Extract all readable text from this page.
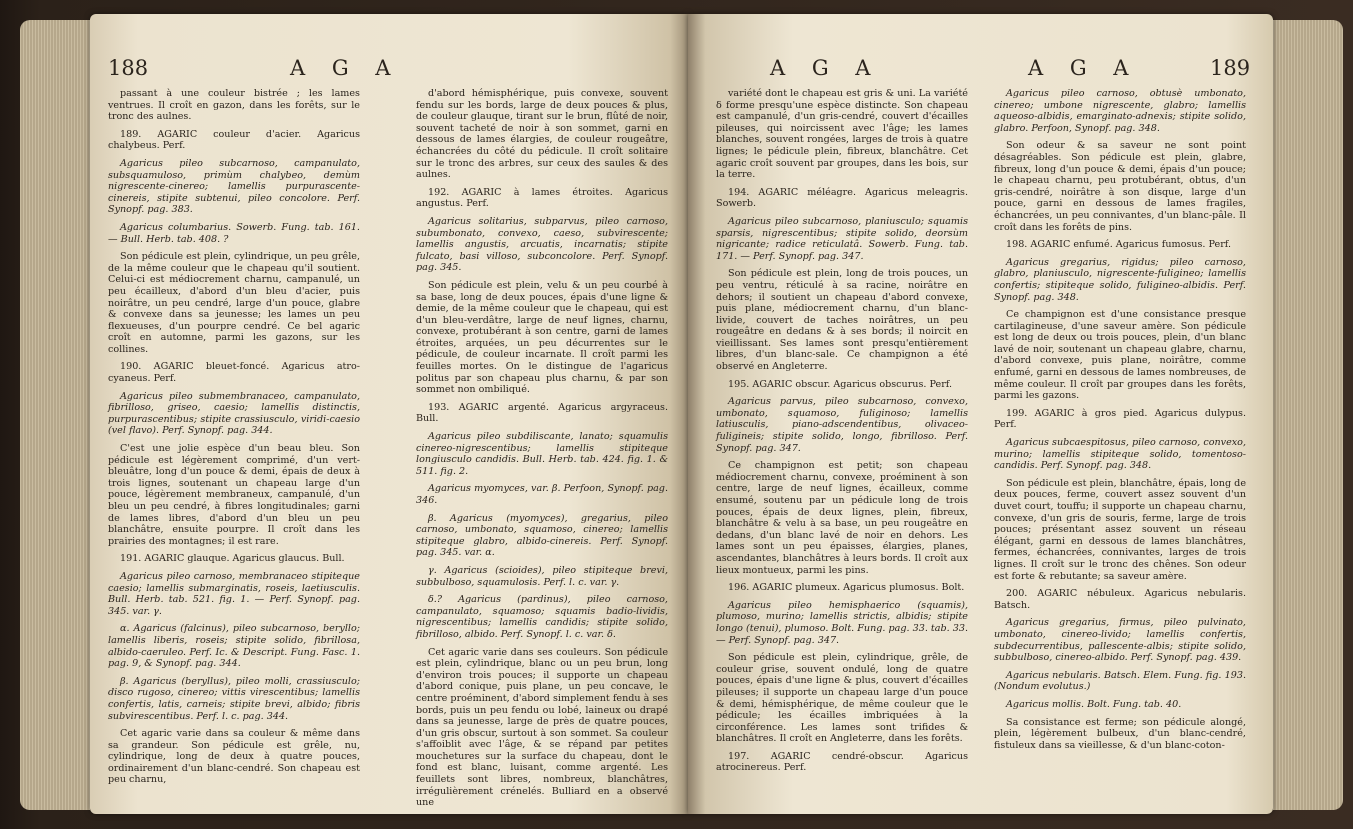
188	A G A

passant à une couleur bistrée ; les lames ventrues. Il croît en gazon, dans les forêts, sur le tronc des aulnes.

189. AGARIC couleur d'acier. Agaricus chalybeus. Perf.

Agaricus pileo subcarnoso, campanulato, subsquamuloso, primùm chalybeo, demùm nigrescente-cinereo; lamellis purpurascente-cinereis, stipite subtenui, pileo concolore. Perf. Synopf. pag. 383.

Agaricus columbarius. Sowerb. Fung. tab. 161. — Bull. Herb. tab. 408. ?

Son pédicule est plein, cylindrique, un peu grêle, de la même couleur que le chapeau qu'il soutient. Celui-ci est médiocrement charnu, campanulé, un peu écailleux, d'abord d'un bleu d'acier, puis noirâtre, un peu cendré, large d'un pouce, glabre & convexe dans sa jeunesse; les lames un peu flexueuses, d'un pourpre cendré. Ce bel agaric croît en automne, parmi les gazons, sur les collines.

190. AGARIC bleuet-foncé. Agaricus atro-cyaneus. Perf.

Agaricus pileo submembranaceo, campanulato, fibrilloso, griseo, caesio; lamellis distinctis, purpurascentibus; stipite crassiusculo, viridi-caesio (vel flavo). Perf. Synopf. pag. 344.

C'est une jolie espèce d'un beau bleu. Son pédicule est légèrement comprimé, d'un vert-bleuâtre, long d'un pouce & demi, épais de deux à trois lignes, soutenant un chapeau large d'un pouce, légèrement membraneux, campanulé, d'un bleu un peu cendré, à fibres longitudinales; garni de lames libres, d'abord d'un bleu un peu blanchâtre, ensuite pourpre. Il croît dans les prairies des montagnes; il est rare.

191. AGARIC glauque. Agaricus glaucus. Bull.

Agaricus pileo carnoso, membranaceo stipiteque caesio; lamellis submarginatis, roseis, laetiusculis. Bull. Herb. tab. 521. fig. 1. — Perf. Synopf. pag. 345. var. γ.

α. Agaricus (falcinus), pileo subcarnoso, beryllo; lamellis liberis, roseis; stipite solido, fibrillosa, albido-caeruleo. Perf. Ic. & Descript. Fung. Fasc. 1. pag. 9, & Synopf. pag. 344.

β. Agaricus (beryllus), pileo molli, crassiusculo; disco rugoso, cinereo; vittis virescentibus; lamellis confertis, latis, carneis; stipite brevi, albido; fibris subvirescentibus. Perf. l. c. pag. 344.

Cet agaric varie dans sa couleur & même dans sa grandeur. Son pédicule est grêle, nu, cylindrique, long de deux à quatre pouces, ordinairement d'un blanc-cendré. Son chapeau est peu charnu,

d'abord hémisphérique, puis convexe, souvent fendu sur les bords, large de deux pouces & plus, de couleur glauque, tirant sur le brun, flûté de noir, souvent tacheté de noir à son sommet, garni en dessous de lames élargies, de couleur rougeâtre, échancrées du côté du pédicule. Il croît solitaire sur le tronc des arbres, sur ceux des saules & des aulnes.

192. AGARIC à lames étroites. Agaricus angustus. Perf.

Agaricus solitarius, subparvus, pileo carnoso, subumbonato, convexo, caeso, subvirescente; lamellis angustis, arcuatis, incarnatis; stipite fulcato, basi villoso, subconcolore. Perf. Synopf. pag. 345.

Son pédicule est plein, velu & un peu courbé à sa base, long de deux pouces, épais d'une ligne & demie, de la même couleur que le chapeau, qui est d'un bleu-verdâtre, large de neuf lignes, charnu, convexe, protubérant à son centre, garni de lames étroites, arquées, un peu décurrentes sur le pédicule, de couleur incarnate. Il croît parmi les feuilles mortes. On le distingue de l'agaricus politus par son chapeau plus charnu, & par son sommet non ombiliqué.

193. AGARIC argenté. Agaricus argyraceus. Bull.

Agaricus pileo subdiliscante, lanato; squamulis cinereo-nigrescentibus; lamellis stipiteque longiusculo candidis. Bull. Herb. tab. 424. fig. 1. & 511. fig. 2.

Agaricus myomyces, var. β. Perfoon, Synopf. pag. 346.

β. Agaricus (myomyces), gregarius, pileo carnoso, umbonato, squamoso, cinereo; lamellis stipiteque glabro, albido-cinereis. Perf. Synopf. pag. 345. var. α.

γ. Agaricus (scioides), pileo stipiteque brevi, subbulboso, squamulosis. Perf. l. c. var. γ.

δ.? Agaricus (pardinus), pileo carnoso, campanulato, squamoso; squamis badio-lividis, nigrescentibus; lamellis candidis; stipite solido, fibrilloso, albido. Perf. Synopf. l. c. var. δ.

Cet agaric varie dans ses couleurs. Son pédicule est plein, cylindrique, blanc ou un peu brun, long d'environ trois pouces; il supporte un chapeau d'abord conique, puis plane, un peu concave, le centre proéminent, d'abord simplement fendu à ses bords, puis un peu fendu ou lobé, laineux ou drapé dans sa jeunesse, large de près de quatre pouces, d'un gris obscur, surtout à son sommet. Sa couleur s'affoiblit avec l'âge, & se répand par petites mouchetures sur la surface du chapeau, dont le fond est blanc, luisant, comme argenté. Les feuillets sont libres, nombreux, blanchâtres, irrégulièrement crénelés. Bulliard en a observé une

A G A	A G A	189

variété dont le chapeau est gris & uni. La variété δ forme presqu'une espèce distincte. Son chapeau est campanulé, d'un gris-cendré, couvert d'écailles pileuses, qui noircissent avec l'âge; les lames blanches, souvent rongées, larges de trois à quatre lignes; le pédicule plein, fibreux, blanchâtre. Cet agaric croît souvent par groupes, dans les bois, sur la terre.

194. AGARIC méléagre. Agaricus meleagris. Sowerb.

Agaricus pileo subcarnoso, planiusculo; squamis sparsis, nigrescentibus; stipite solido, deorsùm nigricante; radice reticulatâ. Sowerb. Fung. tab. 171. — Perf. Synopf. pag. 347.

Son pédicule est plein, long de trois pouces, un peu ventru, réticulé à sa racine, noirâtre en dehors; il soutient un chapeau d'abord convexe, puis plane, médiocrement charnu, d'un blanc-livide, couvert de taches noirâtres, un peu rougeâtre en dedans & à ses bords; il noircit en vieillissant. Ses lames sont presqu'entièrement libres, d'un blanc-sale. Ce champignon a été observé en Angleterre.

195. AGARIC obscur. Agaricus obscurus. Perf.

Agaricus parvus, pileo subcarnoso, convexo, umbonato, squamoso, fuliginoso; lamellis latiusculis, piano-adscendentibus, olivaceo-fuligineis; stipite solido, longo, fibrilloso. Perf. Synopf. pag. 347.

Ce champignon est petit; son chapeau médiocrement charnu, convexe, proéminent à son centre, large de neuf lignes, écailleux, comme ensumé, soutenu par un pédicule long de trois pouces, épais de deux lignes, plein, fibreux, blanchâtre & velu à sa base, un peu rougeâtre en dedans, d'un blanc lavé de noir en dehors. Les lames sont un peu épaisses, élargies, planes, ascendantes, blanchâtres à leurs bords. Il croît aux lieux montueux, parmi les pins.

196. AGARIC plumeux. Agaricus plumosus. Bolt.

Agaricus pileo hemisphaerico (squamis), plumoso, murino; lamellis strictis, albidis; stipite longo (tenui), plumoso. Bolt. Fung. pag. 33. tab. 33. — Perf. Synopf. pag. 347.

Son pédicule est plein, cylindrique, grêle, de couleur grise, souvent ondulé, long de quatre pouces, épais d'une ligne & plus, couvert d'écailles pileuses; il supporte un chapeau large d'un pouce & demi, hémisphérique, de même couleur que le pédicule; les écailles imbriquées à la circonférence. Les lames sont trifides & blanchâtres. Il croît en Angleterre, dans les forêts.

197. AGARIC cendré-obscur. Agaricus atrocinereus. Perf.

Agaricus pileo carnoso, obtusè umbonato, cinereo; umbone nigrescente, glabro; lamellis aqueoso-albidis, emarginato-adnexis; stipite solido, glabro. Perfoon, Synopf. pag. 348.

Son odeur & sa saveur ne sont point désagréables. Son pédicule est plein, glabre, fibreux, long d'un pouce & demi, épais d'un pouce; le chapeau charnu, peu protubérant, obtus, d'un gris-cendré, noirâtre à son disque, large d'un pouce, garni en dessous de lames fragiles, échancrées, un peu connivantes, d'un blanc-pâle. Il croît dans les forêts de pins.

198. AGARIC enfumé. Agaricus fumosus. Perf.

Agaricus gregarius, rigidus; pileo carnoso, glabro, planiusculo, nigrescente-fuligineo; lamellis confertis; stipiteque solido, fuligineo-albidis. Perf. Synopf. pag. 348.

Ce champignon est d'une consistance presque cartilagineuse, d'une saveur amère. Son pédicule est long de deux ou trois pouces, plein, d'un blanc lavé de noir, soutenant un chapeau glabre, charnu, d'abord convexe, puis plane, noirâtre, comme enfumé, garni en dessous de lames nombreuses, de même couleur. Il croît par groupes dans les forêts, parmi les gazons.

199. AGARIC à gros pied. Agaricus dulypus. Perf.

Agaricus subcaespitosus, pileo carnoso, convexo, murino; lamellis stipiteque solido, tomentoso-candidis. Perf. Synopf. pag. 348.

Son pédicule est plein, blanchâtre, épais, long de deux pouces, ferme, couvert assez souvent d'un duvet court, touffu; il supporte un chapeau charnu, convexe, d'un gris de souris, ferme, large de trois pouces; présentant assez souvent un réseau élégant, garni en dessous de lames blanchâtres, fermes, échancrées, connivantes, larges de trois lignes. Il croît sur le tronc des chênes. Son odeur est forte & rebutante; sa saveur amère.

200. AGARIC nébuleux. Agaricus nebularis. Batsch.

Agaricus gregarius, firmus, pileo pulvinato, umbonato, cinereo-livido; lamellis confertis, subdecurrentibus, pallescente-albis; stipite solido, subbulboso, cinereo-albido. Perf. Synopf. pag. 439.

Agaricus nebularis. Batsch. Elem. Fung. fig. 193. (Nondum evolutus.)

Agaricus mollis. Bolt. Fung. tab. 40.

Sa consistance est ferme; son pédicule alongé, plein, légèrement bulbeux, d'un blanc-cendré, fistuleux dans sa vieillesse, & d'un blanc-coton-
